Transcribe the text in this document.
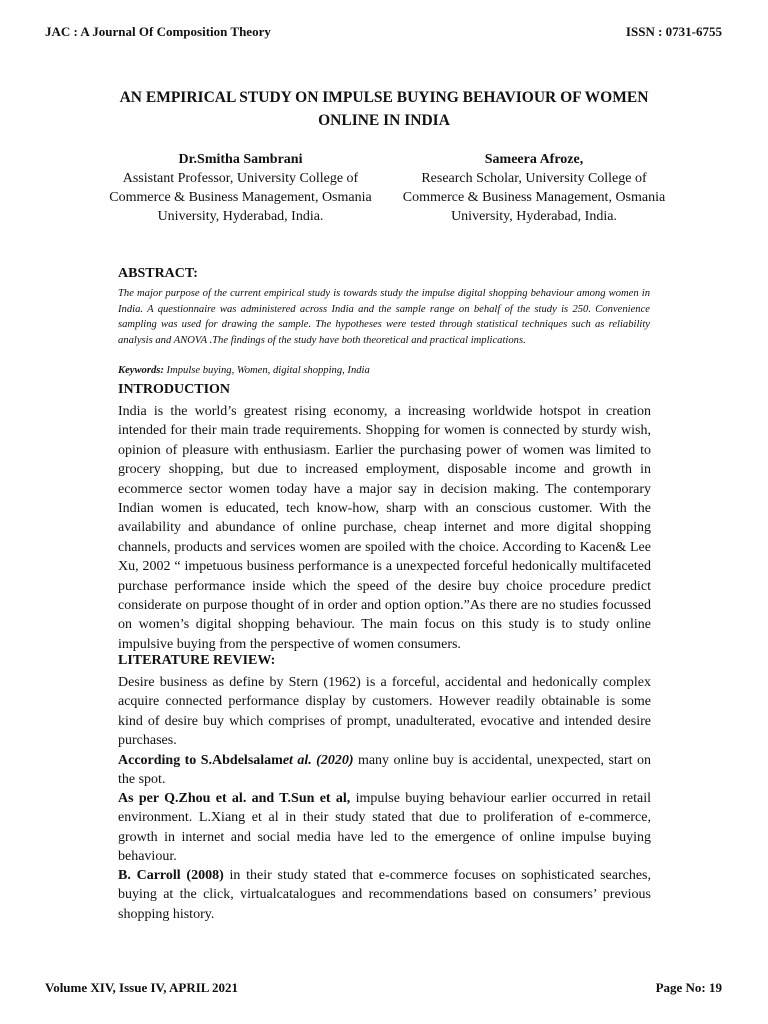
JAC : A Journal Of Composition Theory	ISSN : 0731-6755
AN EMPIRICAL STUDY ON IMPULSE BUYING BEHAVIOUR OF WOMEN ONLINE IN INDIA
Dr.Smitha Sambrani
Assistant Professor, University College of Commerce & Business Management, Osmania University, Hyderabad, India.
Sameera Afroze,
Research Scholar, University College of Commerce & Business Management, Osmania University, Hyderabad, India.
ABSTRACT:

The major purpose of the current empirical study is towards study the impulse digital shopping behaviour among women in India. A questionnaire was administered across India and the sample range on behalf of the study is 250. Convenience sampling was used for drawing the sample. The hypotheses were tested through statistical techniques such as reliability analysis and ANOVA .The findings of the study have both theoretical and practical implications.

Keywords: Impulse buying, Women, digital shopping, India

INTRODUCTION

India is the world’s greatest rising economy, a increasing worldwide hotspot in creation intended for their main trade requirements. Shopping for women is connected by sturdy wish, opinion of pleasure with enthusiasm. Earlier the purchasing power of women was limited to grocery shopping, but due to increased employment, disposable income and growth in ecommerce sector women today have a major say in decision making. The contemporary Indian women is educated, tech know-how, sharp with an conscious customer. With the availability and abundance of online purchase, cheap internet and more digital shopping channels, products and services women are spoiled with the choice. According to Kacen& Lee Xu, 2002 “ impetuous business performance is a unexpected forceful hedonically multifaceted purchase performance inside which the speed of the desire buy choice procedure predict considerate on purpose thought of in order and option option.”As there are no studies focussed on women’s digital shopping behaviour. The main focus on this study is to study online impulsive buying from the perspective of women consumers.

LITERATURE REVIEW:

Desire business as define by Stern (1962) is a forceful, accidental and hedonically complex acquire connected performance display by customers. However readily obtainable is some kind of desire buy which comprises of prompt, unadulterated, evocative and intended desire purchases.

According to S.Abdelsalamet al. (2020) many online buy is accidental, unexpected, start on the spot.

As per Q.Zhou et al. and T.Sun et al, impulse buying behaviour earlier occurred in retail environment. L.Xiang et al in their study stated that due to proliferation of e-commerce, growth in internet and social media have led to the emergence of online impulse buying behaviour.

B. Carroll (2008) in their study stated that e-commerce focuses on sophisticated searches, buying at the click, virtualcatalogues and recommendations based on consumers’ previous shopping history.

Volume XIV, Issue IV, APRIL 2021	Page No: 19
